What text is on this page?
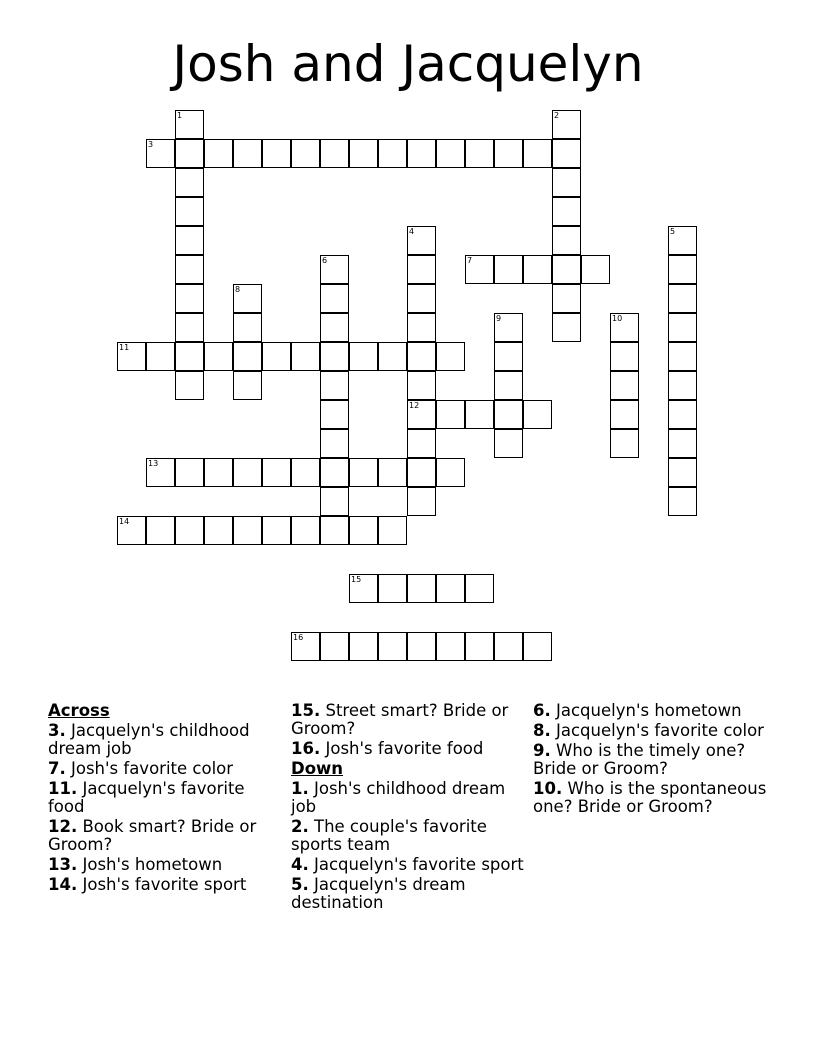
Josh and Jacquelyn
1	2
3
4
12
5
6	7
8
9	10
11
13
14
15
16

Across

3. Jacquelyn's childhood dream job

7. Josh's favorite color

11. Jacquelyn's favorite food

12. Book smart? Bride or Groom?

13. Josh's hometown

14. Josh's favorite sport

15. Street smart? Bride or Groom?

16. Josh's favorite food

Down

1. Josh's childhood dream job

2. The couple's favorite sports team

4. Jacquelyn's favorite sport

5. Jacquelyn's dream destination

6. Jacquelyn's hometown

8. Jacquelyn's favorite color

9. Who is the timely one? Bride or Groom?

10. Who is the spontaneous one? Bride or Groom?
